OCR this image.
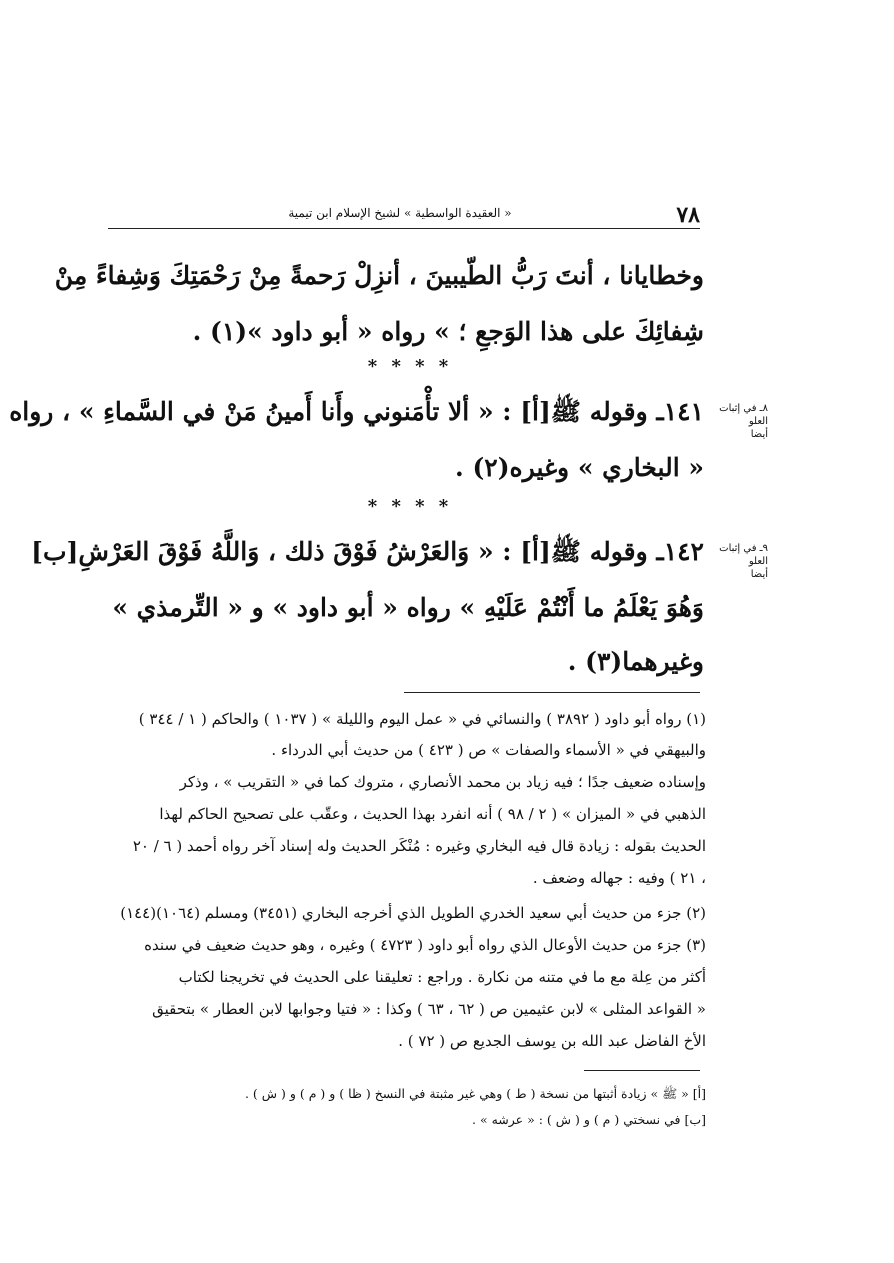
٧٨
« العقيدة الواسطية » لشيخ الإسلام ابن تيمية
وخطايانا ، أنتَ رَبُّ الطّيبينَ ، أنزِلْ رَحمةً مِنْ رَحْمَتِكَ وَشِفاءً مِنْ
شِفائِكَ على هذا الوَجعِ ؛ » رواه « أبو داود »(١) .
* * * *
٨ـ في إثبات العلو
أيضا
١٤١ـ وقوله ﷺ[أ] : « ألا تأْمَنوني وأَنا أَمينُ مَنْ في السَّماءِ » ، رواه
« البخاري » وغيره(٢) .
* * * *
٩ـ في إثبات العلو
أيضا
١٤٢ـ وقوله ﷺ[أ] : « وَالعَرْشُ فَوْقَ ذلك ، وَاللَّهُ فَوْقَ العَرْشِ[ب]
وَهُوَ يَعْلَمُ ما أَنْتُمْ عَلَيْهِ » رواه « أبو داود » و « التِّرمذي »
وغيرهما(٣) .
(١) رواه أبو داود ( ٣٨٩٢ ) والنسائي في « عمل اليوم والليلة » ( ١٠٣٧ ) والحاكم ( ١ / ٣٤٤ )
والبيهقي في « الأسماء والصفات » ص ( ٤٢٣ ) من حديث أبي الدرداء .
وإسناده ضعيف جدًا ؛ فيه زياد بن محمد الأنصاري ، متروك كما في « التقريب » ، وذكر
الذهبي في « الميزان » ( ٢ / ٩٨ ) أنه انفرد بهذا الحديث ، وعقّب على تصحيح الحاكم لهذا
الحديث بقوله : زيادة قال فيه البخاري وغيره : مُنْكَر الحديث وله إسناد آخر رواه أحمد ( ٦ / ٢٠
، ٢١ ) وفيه : جهاله وضعف .
(٢) جزء من حديث أبي سعيد الخدري الطويل الذي أخرجه البخاري (٣٤٥١) ومسلم (١٠٦٤)(١٤٤)
(٣) جزء من حديث الأوعال الذي رواه أبو داود ( ٤٧٢٣ ) وغيره ، وهو حديث ضعيف في سنده
أكثر من عِلة مع ما في متنه من نكارة . وراجع : تعليقنا على الحديث في تخريجنا لكتاب
« القواعد المثلى » لابن عثيمين ص ( ٦٢ ، ٦٣ ) وكذا : « فتيا وجوابها لابن العطار » بتحقيق
الأخ الفاضل عبد الله بن يوسف الجديع ص ( ٧٢ ) .
[أ] « ﷺ » زيادة أثبتها من نسخة ( ط ) وهي غير مثبتة في النسخ ( ظا ) و ( م ) و ( ش ) .
[ب] في نسختي ( م ) و ( ش ) : « عرشه » .
